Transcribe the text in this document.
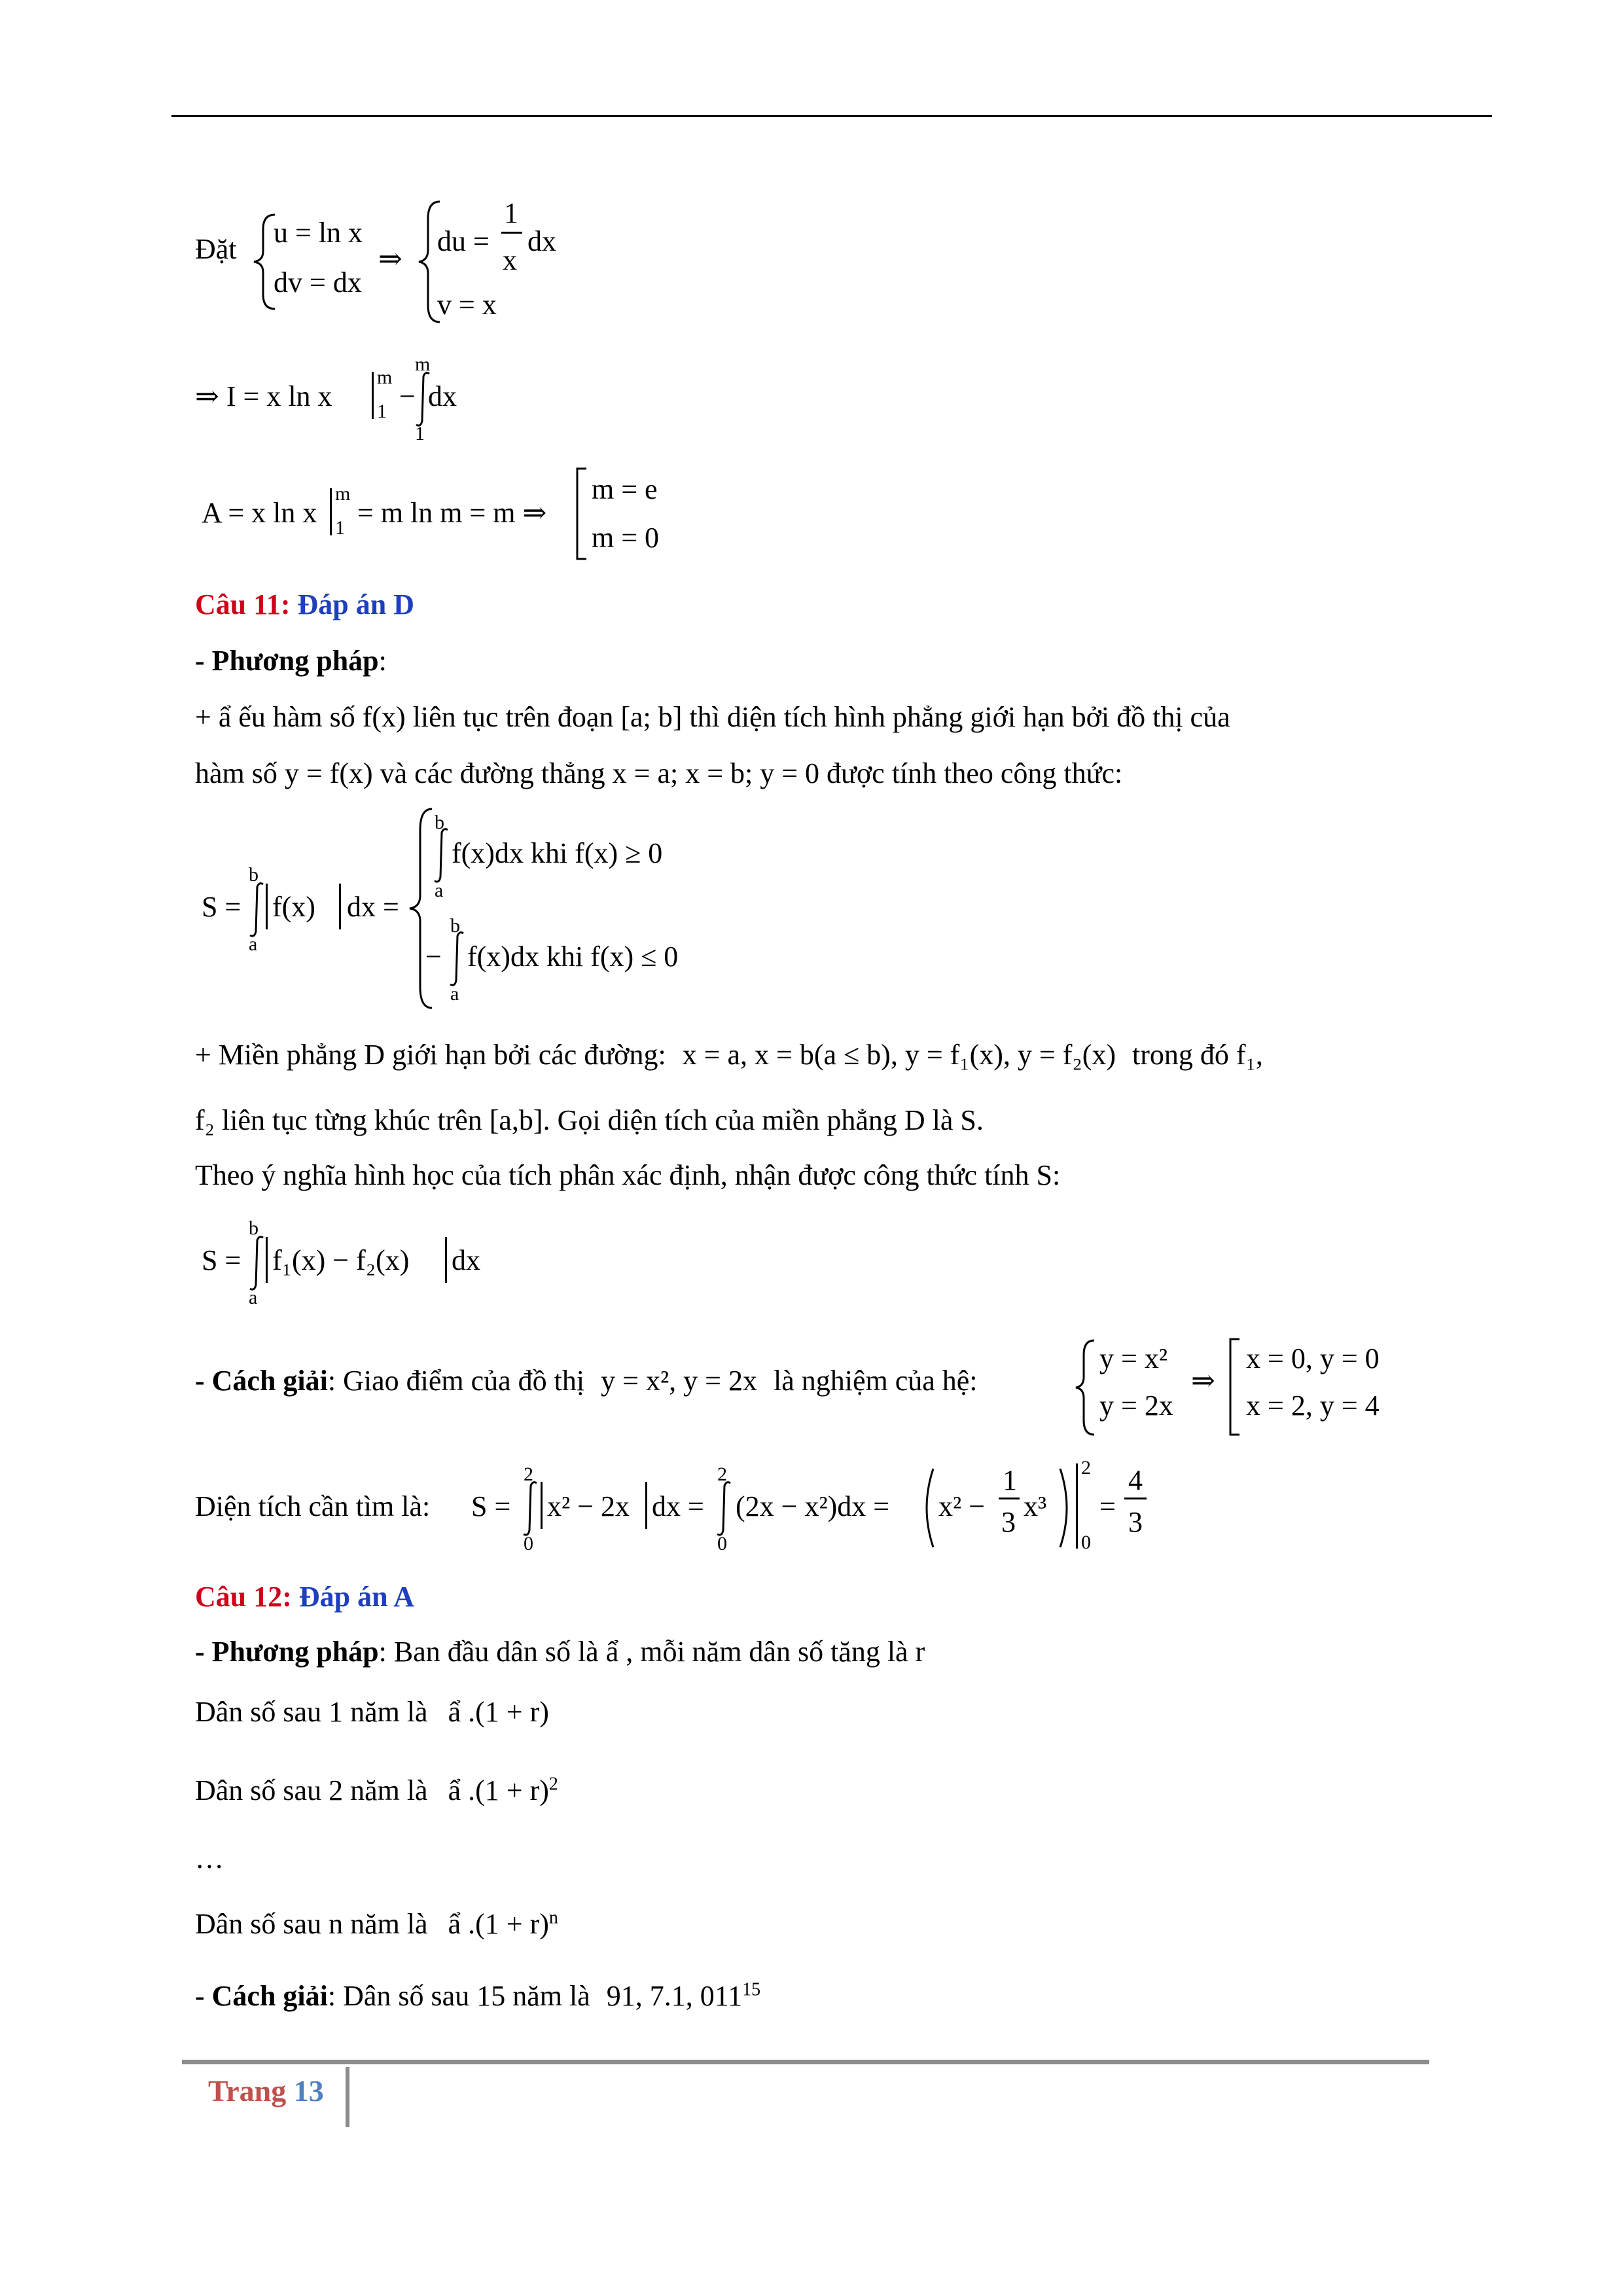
Đặt
u = ln x
dv = dx
⇒
du =
1
x
dx
v = x
⇒ I = x ln x
m
1 −
m
1
dx
A = x ln x
m
1 = m ln m = m ⇒
m = e
m = 0
Câu 11: Đáp án D
- Phương pháp:
+ ẩ ếu hàm số f(x) liên tục trên đoạn [a; b] thì diện tích hình phẳng giới hạn bởi đồ thị của
hàm số y = f(x) và các đường thẳng x = a; x = b; y = 0 được tính theo công thức:
S =
b
a
f(x) dx =
b
a
f(x)dx khi f(x) ≥ 0
−
b
a
f(x)dx khi f(x) ≤ 0
+ Miền phẳng D giới hạn bởi các đường: x = a, x = b(a ≤ b), y = f₁(x), y = f₂(x) trong đó f₁,
f₂ liên tục từng khúc trên [a,b]. Gọi diện tích của miền phẳng D là S.
Theo ý nghĩa hình học của tích phân xác định, nhận được công thức tính S:
S =
b
a
f₁(x) − f₂(x) dx
- Cách giải: Giao điểm của đồ thị y = x², y = 2x là nghiệm của hệ:
y = x²
y = 2x
⇒
x = 0, y = 0
x = 2, y = 4
Diện tích cần tìm là: S =
2
0
x² − 2x dx =
2
0
(2x − x²)dx = x² −
1
3 x³
2
0
=
4
3
Câu 12: Đáp án A
- Phương pháp: Ban đầu dân số là ẩ , mỗi năm dân số tăng là r
Dân số sau 1 năm là ẩ .(1 + r)
Dân số sau 2 năm là ẩ $.(1 + r)^2$
…
Dân số sau n năm là ẩ $.(1 + r)^n$
- Cách giải: Dân số sau 15 năm là 91, 7.1, $011^{15}$
Trang 13
